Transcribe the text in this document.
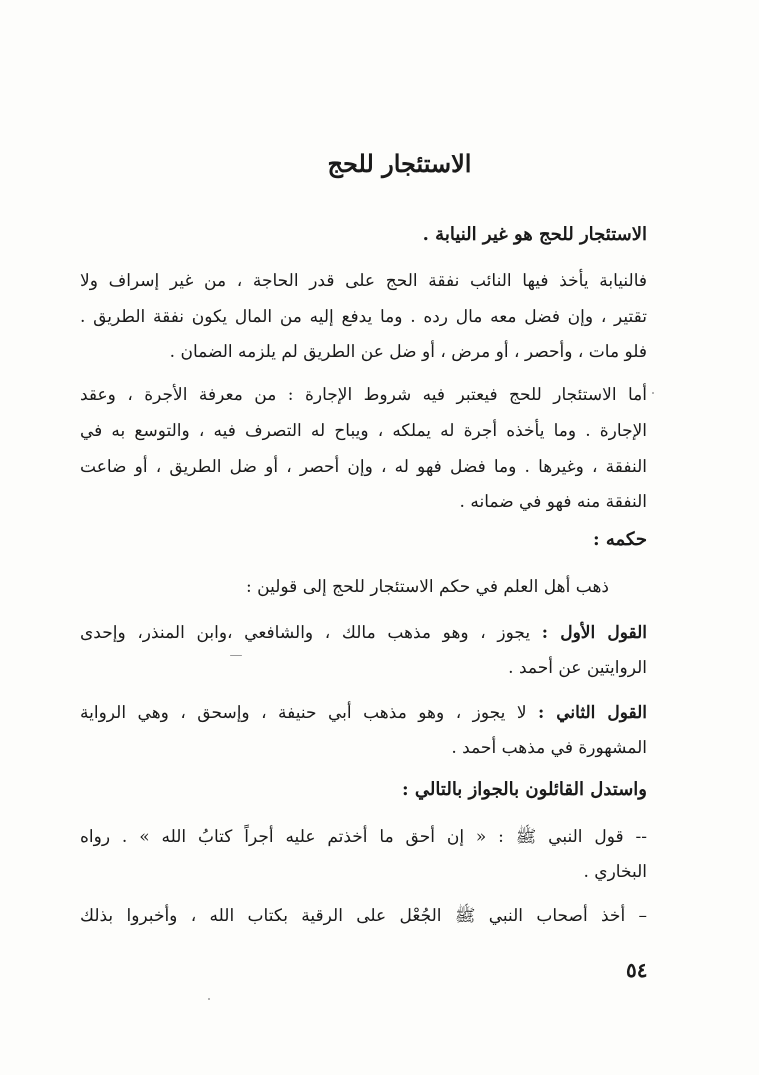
الاستئجار للحج
الاستئجار للحج هو غير النيابة .
فالنيابة يأخذ فيها النائب نفقة الحج على قدر الحاجة ، من غير إسراف ولا
تقتير ، وإن فضل معه مال رده . وما يدفع إليه من المال يكون نفقة الطريق .
فلو مات ، وأحصر ، أو مرض ، أو ضل عن الطريق لم يلزمه الضمان .
أما الاستئجار للحج فيعتبر فيه شروط الإجارة : من معرفة الأجرة ، وعقد
الإجارة . وما يأخذه أجرة له يملكه ، ويباح له التصرف فيه ، والتوسع به في
النفقة ، وغيرها . وما فضل فهو له ، وإن أحصر ، أو ضل الطريق ، أو ضاعت
النفقة منه فهو في ضمانه .
حكمه :
ذهب أهل العلم في حكم الاستئجار للحج إلى قولين :
القول الأول : يجوز ، وهو مذهب مالك ، والشافعي ،وابن المنذر، وإحدى
الروايتين عن أحمد .
القول الثاني : لا يجوز ، وهو مذهب أبي حنيفة ، وإسحق ، وهي الرواية
المشهورة في مذهب أحمد .
واستدل القائلون بالجواز بالتالي :
-- قول النبي ﷺ : « إن أحق ما أخذتم عليه أجراً كتابُ الله » . رواه
البخاري .
– أخذ أصحاب النبي ﷺ الجُعْل على الرقية بكتاب الله ، وأخبروا بذلك
٥٤
